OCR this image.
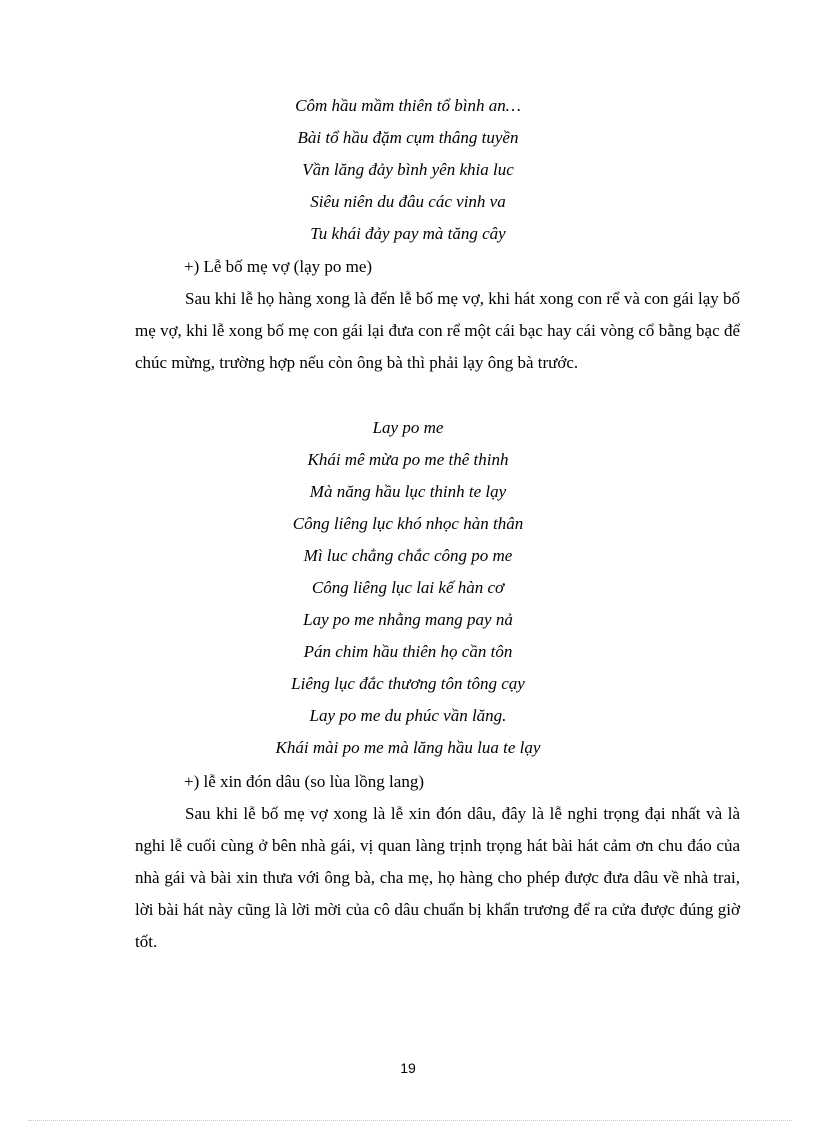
Côm hầu mầm thiên tổ bình an…
Bài tổ hầu đặm cụm thâng tuyền
Vần lăng đảy bình yên khia luc
Siêu niên du đâu các vinh va
Tu khái đảy pay mà tăng cây
+) Lễ bố mẹ vợ (lạy po me)

Sau khi lễ họ hàng xong là đến lễ bố mẹ vợ, khi hát xong con rể và con gái lạy bố mẹ vợ, khi lễ xong bố mẹ con gái lại đưa con rể một cái bạc hay cái vòng cổ bằng bạc để chúc mừng, trường hợp nếu còn ông bà thì phải lạy ông bà trước.

Lay po me
Khái mê mừa po me thê thinh
Mà năng hầu lục thinh te lạy
Công liêng lục khó nhọc hàn thân
Mì luc chẳng chắc công po me
Công liêng lục lai kế hàn cơ
Lay po me nhằng mang pay nả
Pán chim hầu thiên họ cần tôn
Liêng lục đắc thương tôn tông cạy
Lay po me du phúc vần lăng.
Khái mài po me mà lăng hầu lua te lạy
+) lễ xin đón dâu (so lùa lồng lang)

Sau khi lễ bố mẹ vợ xong là lễ xin đón dâu, đây là lễ nghi trọng đại nhất và là nghi lễ cuối cùng ở bên nhà gái, vị quan làng trịnh trọng hát bài hát cảm ơn chu đáo của nhà gái và bài xin thưa với ông bà, cha mẹ, họ hàng cho phép được đưa dâu về nhà trai, lời bài hát này cũng là lời mời của cô dâu chuẩn bị khẩn trương để ra cửa được đúng giờ tốt.

19
